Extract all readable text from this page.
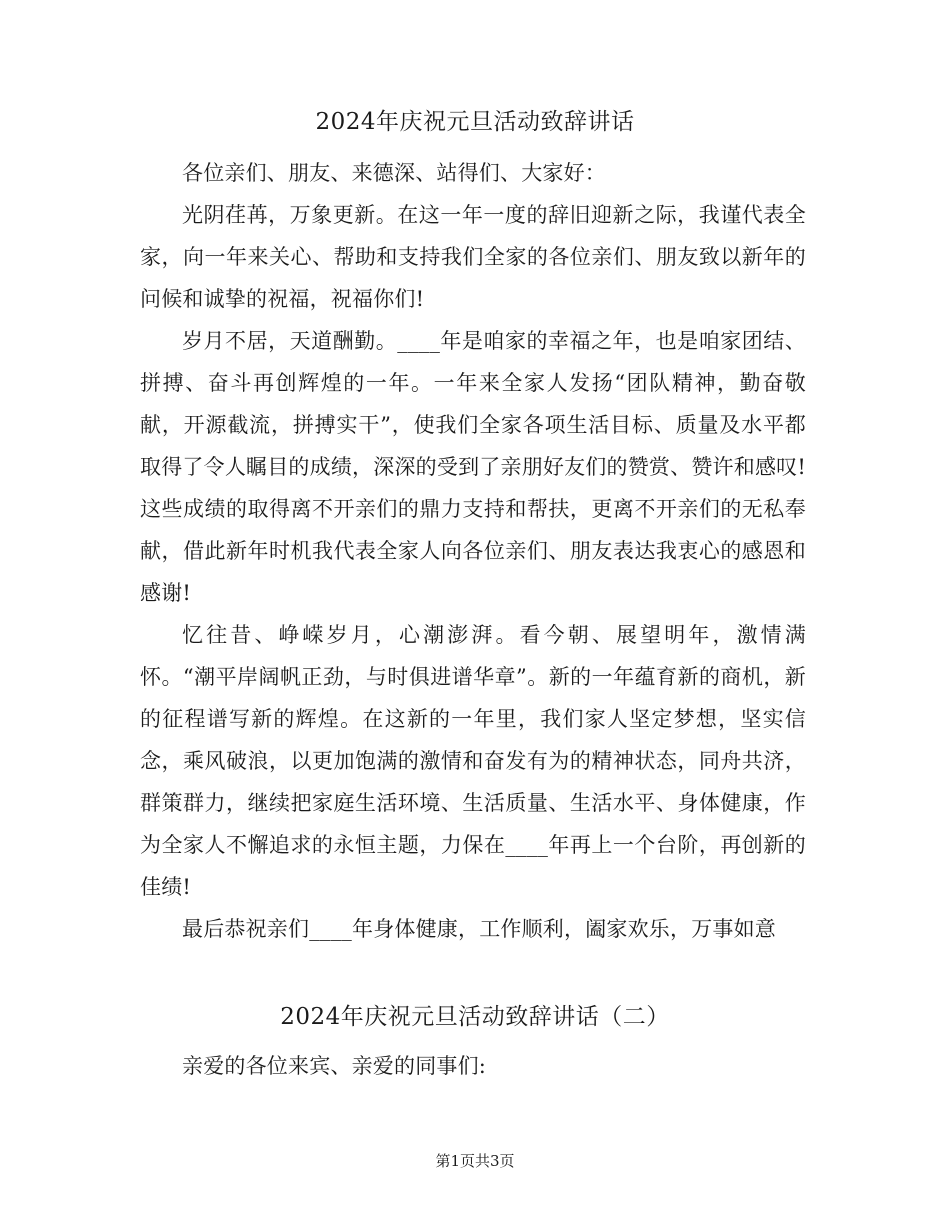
2024年庆祝元旦活动致辞讲话

各位亲们、朋友、来德深、站得们、大家好：

光阴荏苒，万象更新。在这一年一度的辞旧迎新之际，我谨代表全家，向一年来关心、帮助和支持我们全家的各位亲们、朋友致以新年的问候和诚挚的祝福，祝福你们!

岁月不居，天道酬勤。____年是咱家的幸福之年，也是咱家团结、拼搏、奋斗再创辉煌的一年。一年来全家人发扬“团队精神，勤奋敬献，开源截流，拼搏实干”，使我们全家各项生活目标、质量及水平都取得了令人瞩目的成绩，深深的受到了亲朋好友们的赞赏、赞许和感叹!这些成绩的取得离不开亲们的鼎力支持和帮扶，更离不开亲们的无私奉献，借此新年时机我代表全家人向各位亲们、朋友表达我衷心的感恩和感谢!

忆往昔、峥嵘岁月，心潮澎湃。看今朝、展望明年，激情满怀。“潮平岸阔帆正劲，与时俱进谱华章”。新的一年蕴育新的商机，新的征程谱写新的辉煌。在这新的一年里，我们家人坚定梦想，坚实信念，乘风破浪，以更加饱满的激情和奋发有为的精神状态，同舟共济，群策群力，继续把家庭生活环境、生活质量、生活水平、身体健康，作为全家人不懈追求的永恒主题，力保在____年再上一个台阶，再创新的佳绩!

最后恭祝亲们____年身体健康，工作顺利，阖家欢乐，万事如意

2024年庆祝元旦活动致辞讲话（二）

亲爱的各位来宾、亲爱的同事们:

第1页共3页
